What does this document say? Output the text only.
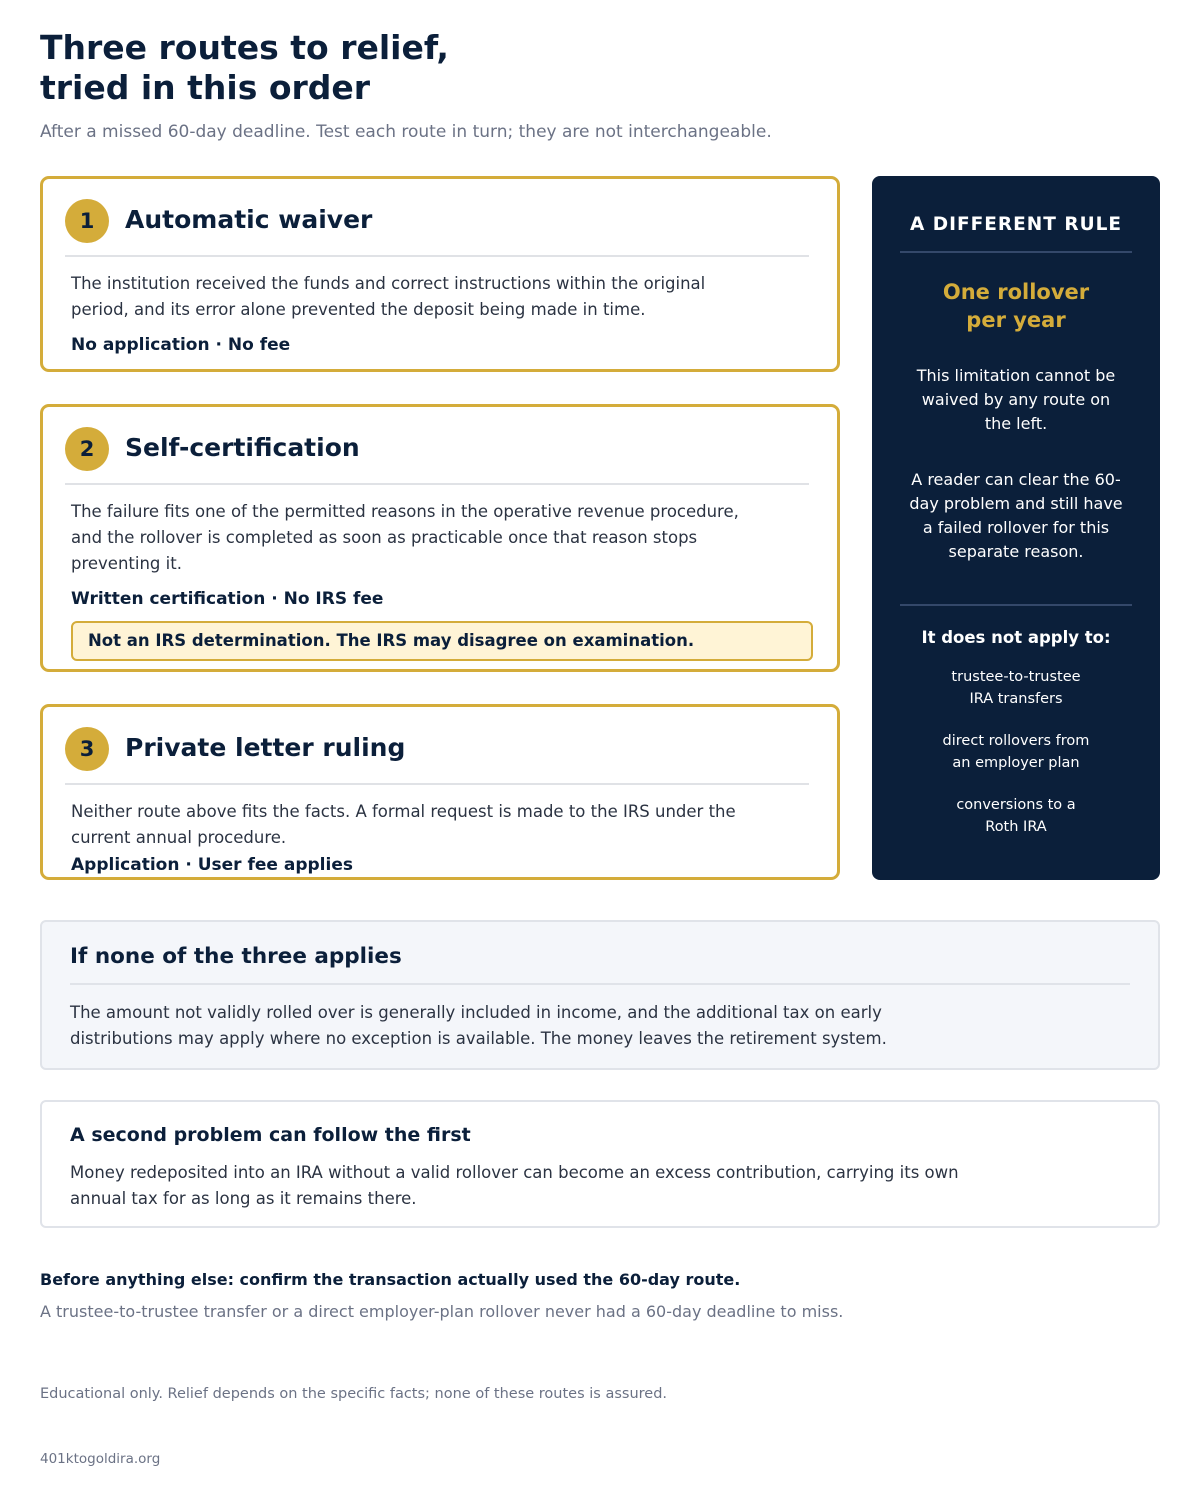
Three routes to relief,
tried in this order

After a missed 60-day deadline. Test each route in turn; they are not interchangeable.

1	Automatic waiver

The institution received the funds and correct instructions within the original period, and its error alone prevented the deposit being made in time.

No application · No fee
2	Self-certification

The failure fits one of the permitted reasons in the operative revenue procedure, and the rollover is completed as soon as practicable once that reason stops preventing it.

Written certification · No IRS fee
Not an IRS determination. The IRS may disagree on examination.
3	Private letter ruling

Neither route above fits the facts. A formal request is made to the IRS under the current annual procedure.

Application · User fee applies
A DIFFERENT RULE
One rollover
per year

This limitation cannot be waived by any route on the left.

A reader can clear the 60-day problem and still have a failed rollover for this separate reason.

It does not apply to:
trustee-to-trustee
IRA transfers
direct rollovers from
an employer plan
conversions to a
Roth IRA
If none of the three applies

The amount not validly rolled over is generally included in income, and the additional tax on early distributions may apply where no exception is available. The money leaves the retirement system.

A second problem can follow the first

Money redeposited into an IRA without a valid rollover can become an excess contribution, carrying its own annual tax for as long as it remains there.

Before anything else: confirm the transaction actually used the 60-day route.

A trustee-to-trustee transfer or a direct employer-plan rollover never had a 60-day deadline to miss.

Educational only. Relief depends on the specific facts; none of these routes is assured.

401ktogoldira.org
